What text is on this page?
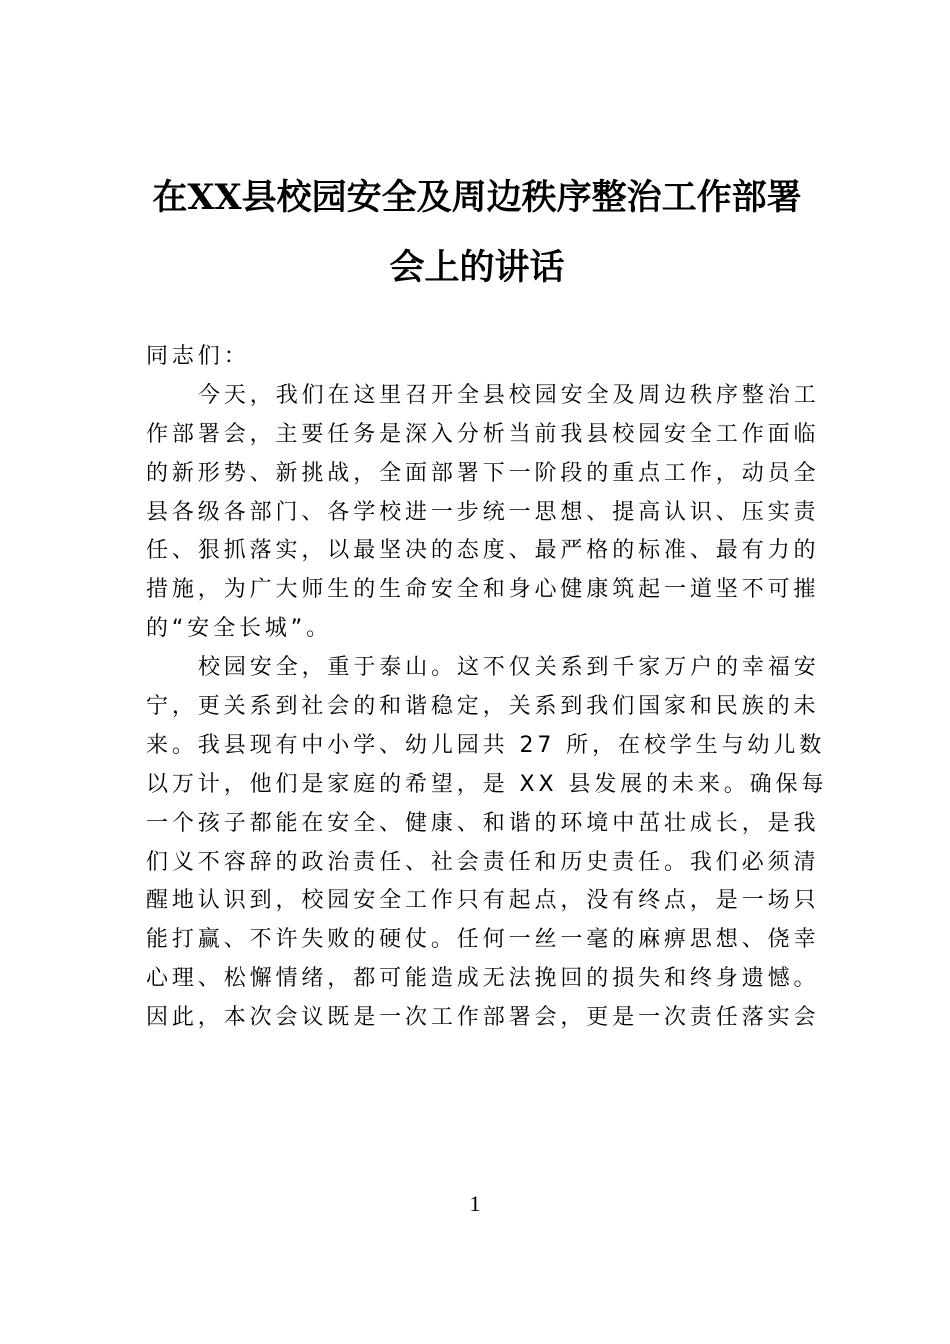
在XX县校园安全及周边秩序整治工作部署
会上的讲话
同志们：
今天，我们在这里召开全县校园安全及周边秩序整治工
作部署会，主要任务是深入分析当前我县校园安全工作面临
的新形势、新挑战，全面部署下一阶段的重点工作，动员全
县各级各部门、各学校进一步统一思想、提高认识、压实责
任、狠抓落实，以最坚决的态度、最严格的标准、最有力的
措施，为广大师生的生命安全和身心健康筑起一道坚不可摧
的“安全长城”。
校园安全，重于泰山。这不仅关系到千家万户的幸福安
宁，更关系到社会的和谐稳定，关系到我们国家和民族的未
来。我县现有中小学、幼儿园共 27 所，在校学生与幼儿数
以万计，他们是家庭的希望，是 XX 县发展的未来。确保每
一个孩子都能在安全、健康、和谐的环境中茁壮成长，是我
们义不容辞的政治责任、社会责任和历史责任。我们必须清
醒地认识到，校园安全工作只有起点，没有终点，是一场只
能打赢、不许失败的硬仗。任何一丝一毫的麻痹思想、侥幸
心理、松懈情绪，都可能造成无法挽回的损失和终身遗憾。
因此，本次会议既是一次工作部署会，更是一次责任落实会
1
